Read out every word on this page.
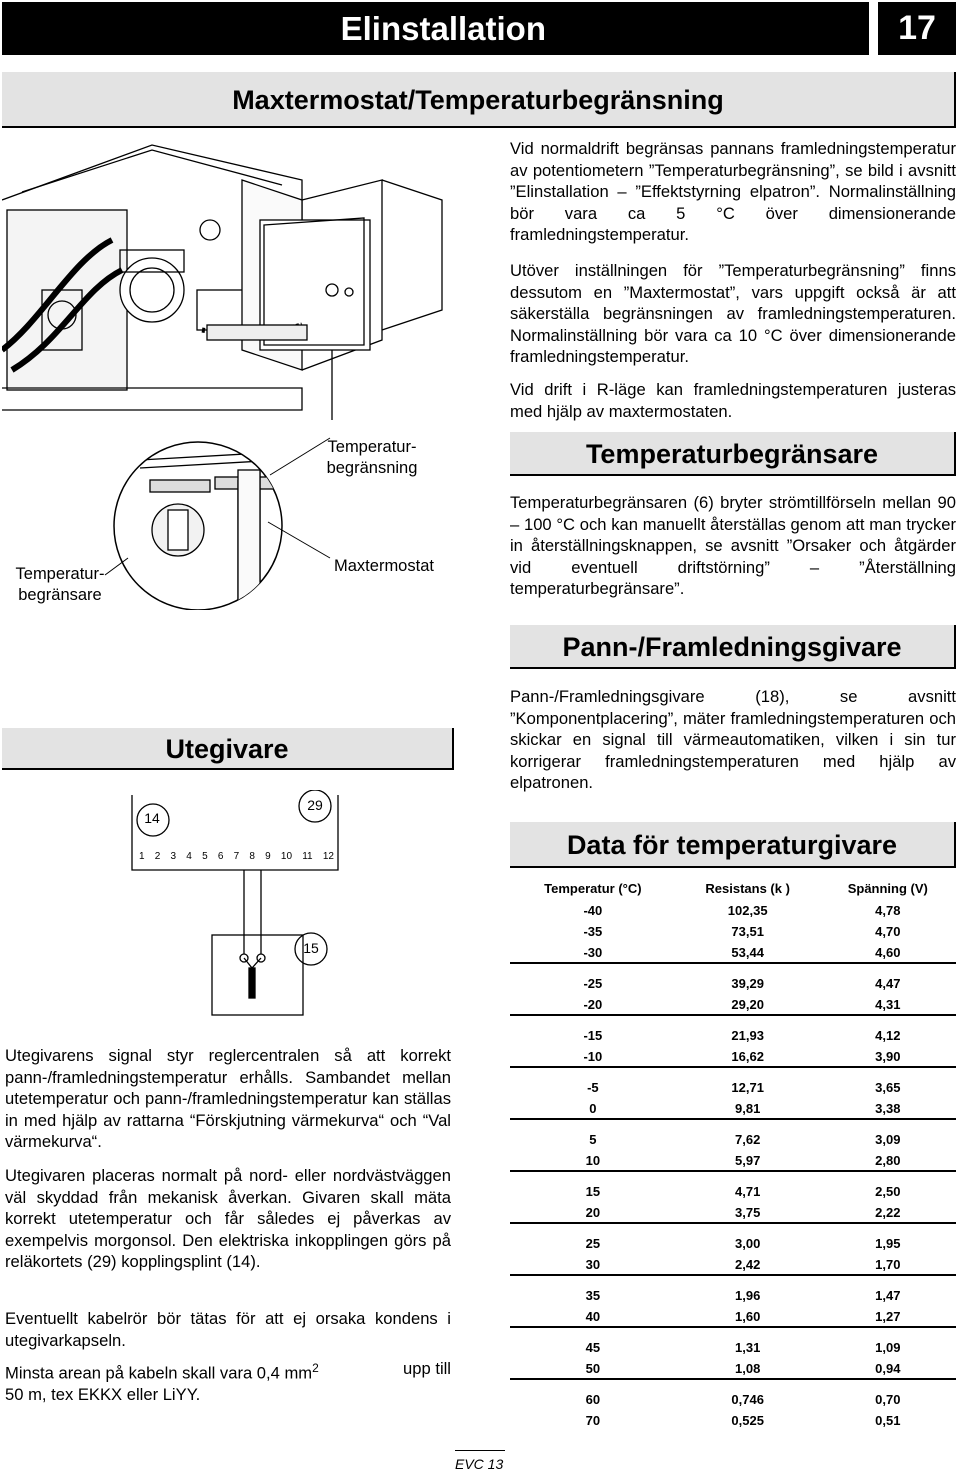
Elinstallation	17
Maxtermostat/Temperaturbegränsning
Temperatur-
begränsning
Maxtermostat
Temperatur-
begränsare
Vid normaldrift begränsas pannans framledningstemperatur av potentiometern ”Temperaturbegränsning”, se bild i avsnitt ”Elinstallation – ”Effektstyrning elpatron”. Normalinställning bör vara ca 5 °C över dimensionerande framledningstemperatur.
Utöver inställningen för ”Temperaturbegränsning” finns dessutom en ”Maxtermostat”, vars uppgift också är att säkerställa begränsningen av framledningstemperaturen. Normalinställning bör vara ca 10 °C över dimensionerande framledningstemperatur.
Vid drift i R-läge kan framledningstemperaturen justeras med hjälp av maxtermostaten.
Temperaturbegränsare
Temperaturbegränsaren (6) bryter strömtillförseln mellan 90 – 100 °C och kan manuellt återställas genom att man trycker in återställningsknappen, se avsnitt ”Orsaker och åtgärder vid eventuell driftstörning” – ”Återställning temperaturbegränsare”.
Pann-/Framledningsgivare
Pann-/Framledningsgivare (18), se avsnitt ”Komponentplacering”, mäter framledningstemperaturen och skickar en signal till värmeautomatiken, vilken i sin tur korrigerar framledningstemperaturen med hjälp av elpatronen.
Utegivare
14
29
15
1 2 3 4 5 6 7 8 9 10 11 12
Utegivarens signal styr reglercentralen så att korrekt pann-/framledningstemperatur erhålls. Sambandet mellan utetemperatur och pann-/framledningstemperatur kan ställas in med hjälp av rattarna “Förskjutning värmekurva“ och “Val värmekurva“.
Utegivaren placeras normalt på nord- eller nordvästväggen väl skyddad från mekanisk åverkan. Givaren skall mäta korrekt utetemperatur och får således ej påverkas av exempelvis morgonsol. Den elektriska inkopplingen görs på reläkortets (29) kopplingsplint (14).
Eventuellt kabelrör bör tätas för att ej orsaka kondens i utegivarkapseln.
Minsta arean på kabeln skall vara 0,4 $mm^2$	upp till
50 m, tex EKKX eller LiYY.
Data för temperaturgivare
Temperatur (°C)	Resistans (k )	Spänning (V)
-40	102,35	4,78
-35	73,51	4,70
-30	53,44	4,60

-25	39,29	4,47
-20	29,20	4,31

-15	21,93	4,12
-10	16,62	3,90

-5	12,71	3,65
0	9,81	3,38

5	7,62	3,09
10	5,97	2,80

15	4,71	2,50
20	3,75	2,22

25	3,00	1,95
30	2,42	1,70

35	1,96	1,47
40	1,60	1,27

45	1,31	1,09
50	1,08	0,94

60	0,746	0,70
70	0,525	0,51
EVC 13
